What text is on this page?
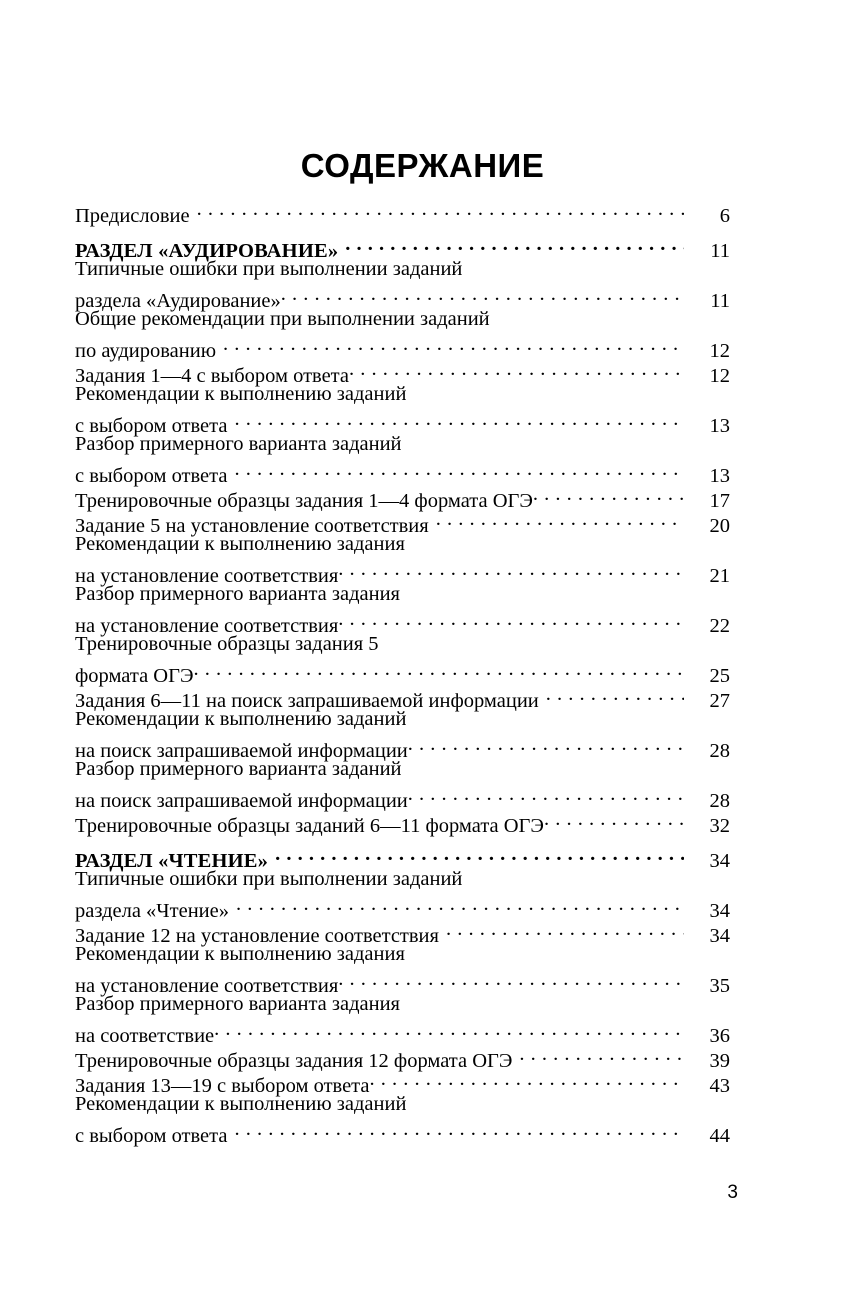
СОДЕРЖАНИЕ
Предисловие . . .	6
РАЗДЕЛ «АУДИРОВАНИЕ» . . .	11
Типичные ошибки при выполнении заданий
раздела «Аудирование» . . .	11
Общие рекомендации при выполнении заданий
по аудированию . . .	12
Задания 1—4 с выбором ответа . . .	12
Рекомендации к выполнению заданий
с выбором ответа . . .	13
Разбор примерного варианта заданий
с выбором ответа . . .	13
Тренировочные образцы задания 1—4 формата ОГЭ . . .	17
Задание 5 на установление соответствия . . .	20
Рекомендации к выполнению задания
на установление соответствия . . .	21
Разбор примерного варианта задания
на установление соответствия . . .	22
Тренировочные образцы задания 5
формата ОГЭ . . .	25
Задания 6—11 на поиск запрашиваемой информации . . .	27
Рекомендации к выполнению заданий
на поиск запрашиваемой информации . . .	28
Разбор примерного варианта заданий
на поиск запрашиваемой информации . . .	28
Тренировочные образцы заданий 6—11 формата ОГЭ . . .	32
РАЗДЕЛ «ЧТЕНИЕ» . . .	34
Типичные ошибки при выполнении заданий
раздела «Чтение» . . .	34
Задание 12 на установление соответствия . . .	34
Рекомендации к выполнению задания
на установление соответствия . . .	35
Разбор примерного варианта задания
на соответствие . . .	36
Тренировочные образцы задания 12 формата ОГЭ . . .	39
Задания 13—19 с выбором ответа . . .	43
Рекомендации к выполнению заданий
с выбором ответа . . .	44
3
